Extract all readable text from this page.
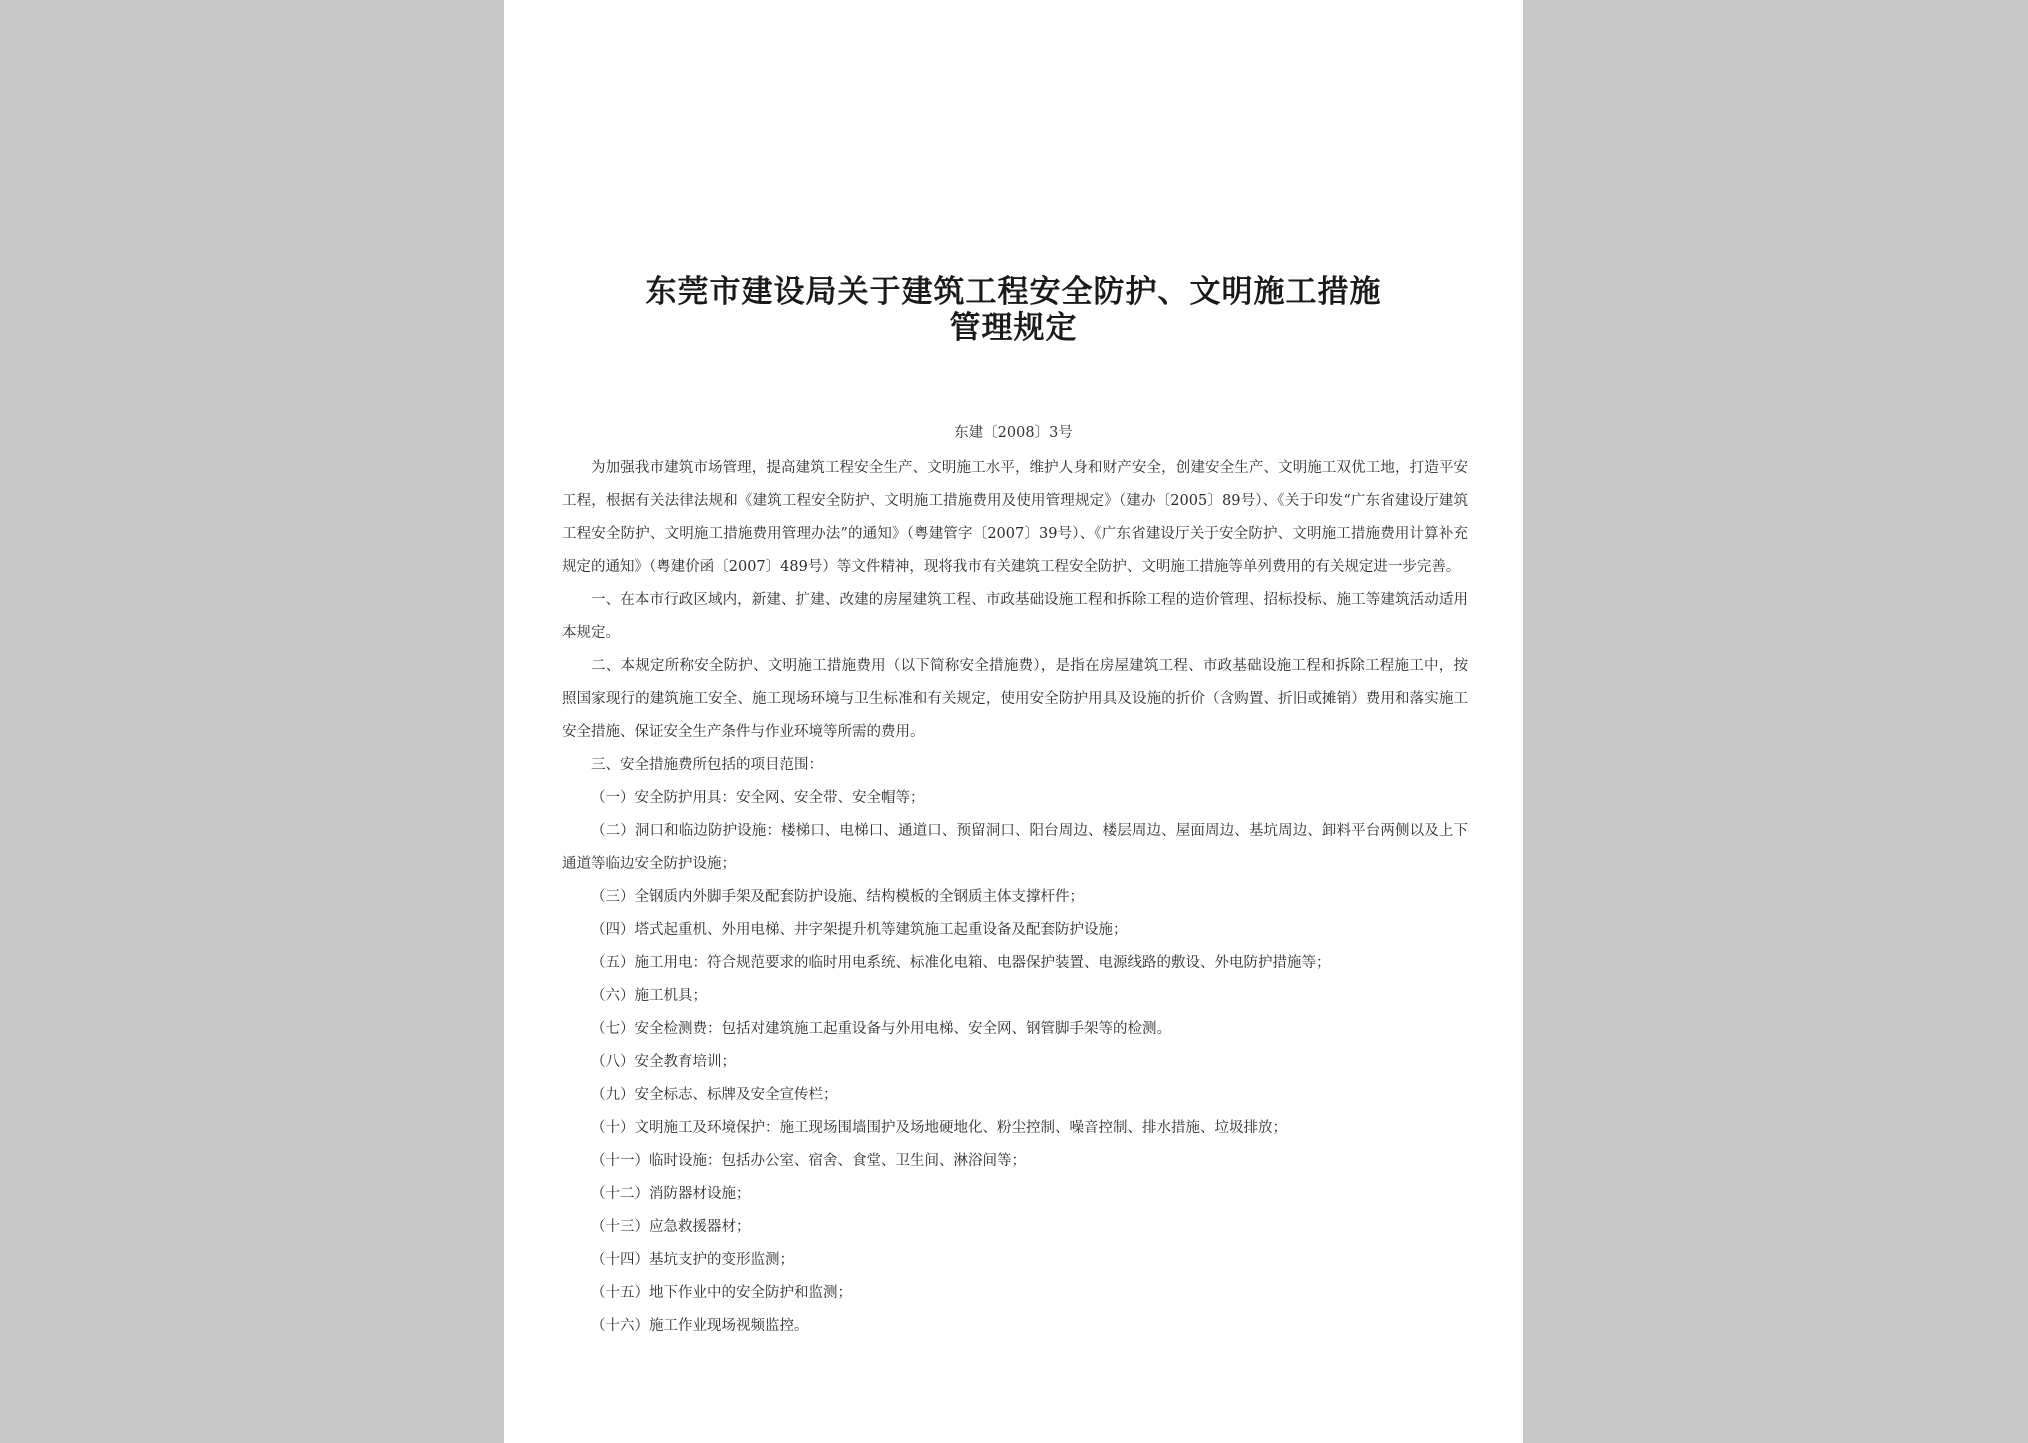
东莞市建设局关于建筑工程安全防护、文明施工措施
管理规定

东建〔2008〕3号

为加强我市建筑市场管理，提高建筑工程安全生产、文明施工水平，维护人身和财产安全，创建安全生产、文明施工双优工地，打造平安工程，根据有关法律法规和《建筑工程安全防护、文明施工措施费用及使用管理规定》（建办〔2005〕89号）、《关于印发“广东省建设厅建筑工程安全防护、文明施工措施费用管理办法”的通知》（粤建管字〔2007〕39号）、《广东省建设厅关于安全防护、文明施工措施费用计算补充规定的通知》（粤建价函〔2007〕489号）等文件精神，现将我市有关建筑工程安全防护、文明施工措施等单列费用的有关规定进一步完善。

一、在本市行政区域内，新建、扩建、改建的房屋建筑工程、市政基础设施工程和拆除工程的造价管理、招标投标、施工等建筑活动适用本规定。

二、本规定所称安全防护、文明施工措施费用（以下简称安全措施费），是指在房屋建筑工程、市政基础设施工程和拆除工程施工中，按照国家现行的建筑施工安全、施工现场环境与卫生标准和有关规定，使用安全防护用具及设施的折价（含购置、折旧或摊销）费用和落实施工安全措施、保证安全生产条件与作业环境等所需的费用。

三、安全措施费所包括的项目范围：

（一）安全防护用具：安全网、安全带、安全帽等；

（二）洞口和临边防护设施：楼梯口、电梯口、通道口、预留洞口、阳台周边、楼层周边、屋面周边、基坑周边、卸料平台两侧以及上下通道等临边安全防护设施；

（三）全钢质内外脚手架及配套防护设施、结构模板的全钢质主体支撑杆件；

（四）塔式起重机、外用电梯、井字架提升机等建筑施工起重设备及配套防护设施；

（五）施工用电：符合规范要求的临时用电系统、标准化电箱、电器保护装置、电源线路的敷设、外电防护措施等；

（六）施工机具；

（七）安全检测费：包括对建筑施工起重设备与外用电梯、安全网、钢管脚手架等的检测。

（八）安全教育培训；

（九）安全标志、标牌及安全宣传栏；

（十）文明施工及环境保护：施工现场围墙围护及场地硬地化、粉尘控制、噪音控制、排水措施、垃圾排放；

（十一）临时设施：包括办公室、宿舍、食堂、卫生间、淋浴间等；

（十二）消防器材设施；

（十三）应急救援器材；

（十四）基坑支护的变形监测；

（十五）地下作业中的安全防护和监测；

（十六）施工作业现场视频监控。
